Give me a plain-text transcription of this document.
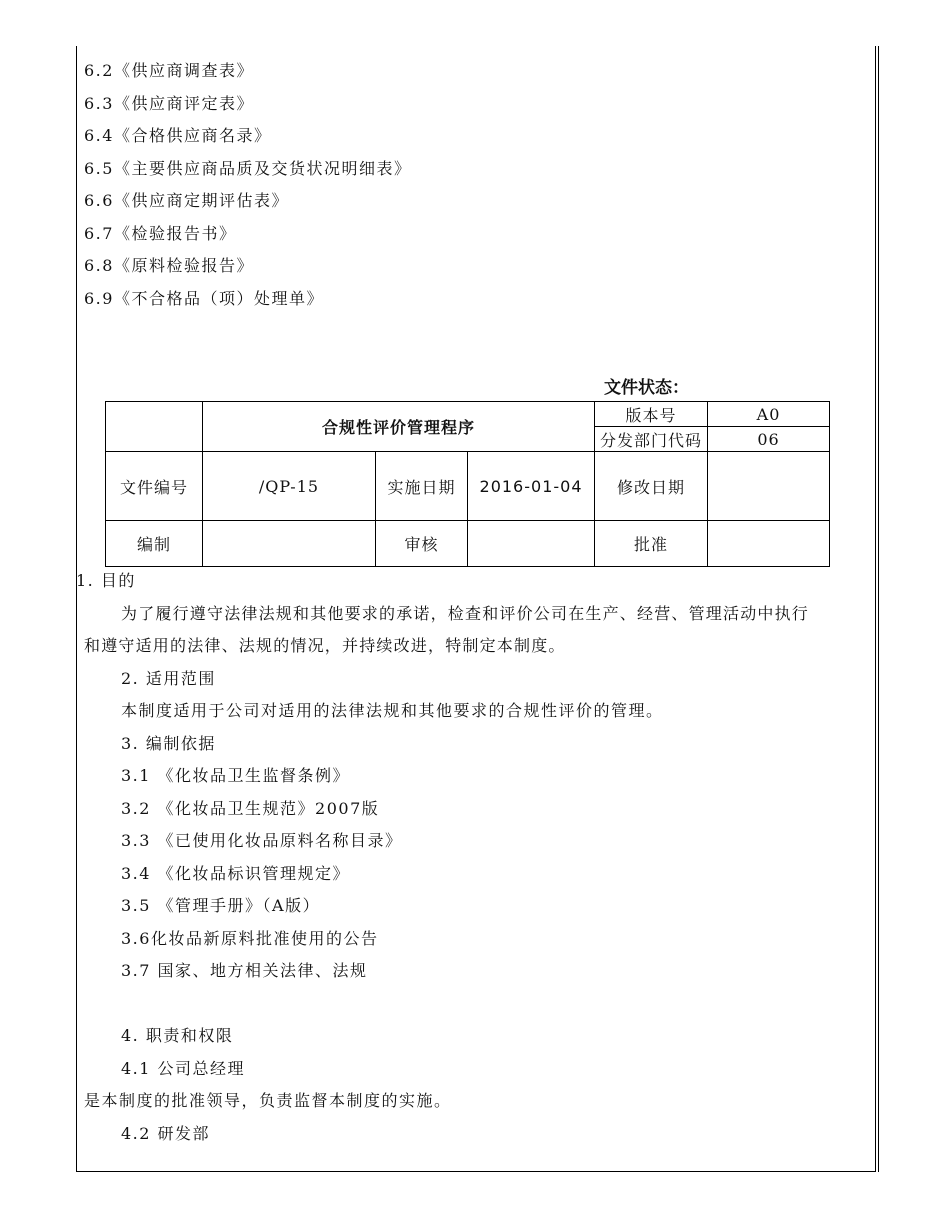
6.2《供应商调查表》
6.3《供应商评定表》
6.4《合格供应商名录》
6.5《主要供应商品质及交货状况明细表》
6.6《供应商定期评估表》
6.7《检验报告书》
6.8《原料检验报告》
6.9《不合格品（项）处理单》
文件状态：
	合规性评价管理程序			版本号	A0
				分发部门代码	06
文件编号	/QP-15	实施日期	2016-01-04	修改日期	
编制		审核		批准	
1. 目的
为了履行遵守法律法规和其他要求的承诺，检查和评价公司在生产、经营、管理活动中执行
和遵守适用的法律、法规的情况，并持续改进，特制定本制度。
2. 适用范围
本制度适用于公司对适用的法律法规和其他要求的合规性评价的管理。
3. 编制依据
3.1 《化妆品卫生监督条例》
3.2 《化妆品卫生规范》2007版
3.3 《已使用化妆品原料名称目录》
3.4 《化妆品标识管理规定》
3.5 《管理手册》（A版）
3.6化妆品新原料批准使用的公告
3.7 国家、地方相关法律、法规
4. 职责和权限
4.1 公司总经理
是本制度的批准领导，负责监督本制度的实施。
4.2 研发部
